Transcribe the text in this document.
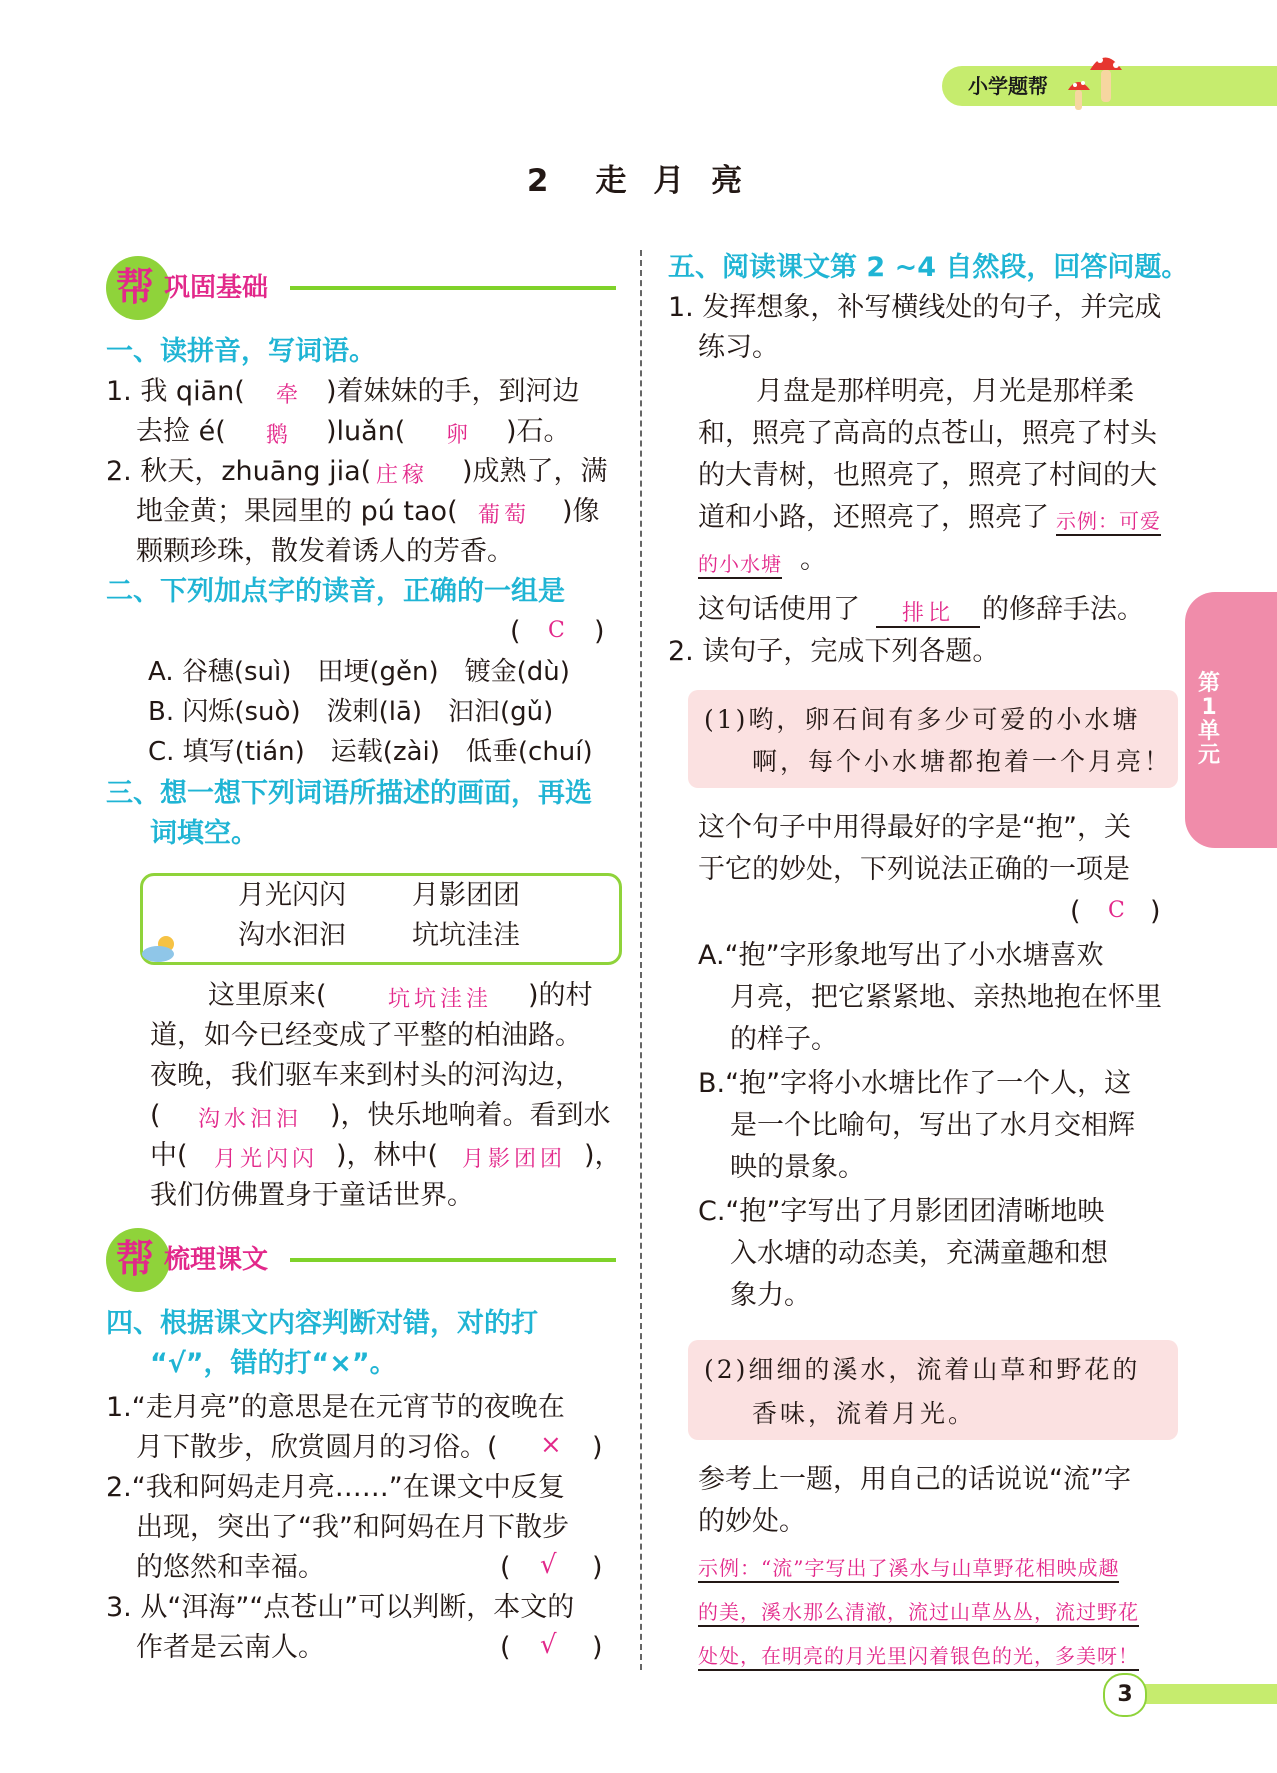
小学题帮
2　走 月 亮
第1单元
帮 巩固基础
一、读拼音，写词语。
1. 我 qiān( 牵 )着妹妹的手，到河边
去捡 é( 鹅 )luǎn( 卵 )石。
2. 秋天，zhuāng jia( 庄稼 )成熟了，满
地金黄；果园里的 pú tao( 葡萄 )像
颗颗珍珠，散发着诱人的芳香。
二、下列加点字的读音，正确的一组是
( C )
A. 谷穗(suì)　田埂(gěn)　镀金(dù)
B. 闪烁(suò)　泼剌(lā)　汩汩(gǔ)
C. 填写(tián)　运载(zài)　低垂(chuí)
三、想一想下列词语所描述的画面，再选
词填空。
月光闪闪 月影团团
沟水汩汩 坑坑洼洼
这里原来(	坑坑洼洼 )的村
道，如今已经变成了平整的柏油路。
夜晚，我们驱车来到村头的河沟边，
( 沟水汩汩 )，快乐地响着。看到水
中( 月光闪闪 )，林中( 月影团团 )，
我们仿佛置身于童话世界。
帮 梳理课文
四、根据课文内容判断对错，对的打
“√”，错的打“×”。
1.“走月亮”的意思是在元宵节的夜晚在
月下散步，欣赏圆月的习俗。( × )
2.“我和阿妈走月亮……”在课文中反复
出现，突出了“我”和阿妈在月下散步
的悠然和幸福。	( √ )
3. 从“洱海”“点苍山”可以判断，本文的
作者是云南人。	( √ )
五、阅读课文第 2 ~4 自然段，回答问题。
1. 发挥想象，补写横线处的句子，并完成
练习。
月盘是那样明亮，月光是那样柔
和，照亮了高高的点苍山，照亮了村头
的大青树，也照亮了，照亮了村间的大
道和小路，还照亮了，照亮了 示例：可爱
的小水塘 。
这句话使用了 排比 的修辞手法。
2. 读句子，完成下列各题。
(1)哟，卵石间有多少可爱的小水塘
啊，每个小水塘都抱着一个月亮！
这个句子中用得最好的字是“抱”，关
于它的妙处，下列说法正确的一项是
( C )
A.“抱”字形象地写出了小水塘喜欢
月亮，把它紧紧地、亲热地抱在怀里
的样子。
B.“抱”字将小水塘比作了一个人，这
是一个比喻句，写出了水月交相辉
映的景象。
C.“抱”字写出了月影团团清晰地映
入水塘的动态美，充满童趣和想
象力。
(2)细细的溪水，流着山草和野花的
香味，流着月光。
参考上一题，用自己的话说说“流”字
的妙处。
示例：“流”字写出了溪水与山草野花相映成趣
的美，溪水那么清澈，流过山草丛丛，流过野花
处处，在明亮的月光里闪着银色的光，多美呀！
3
